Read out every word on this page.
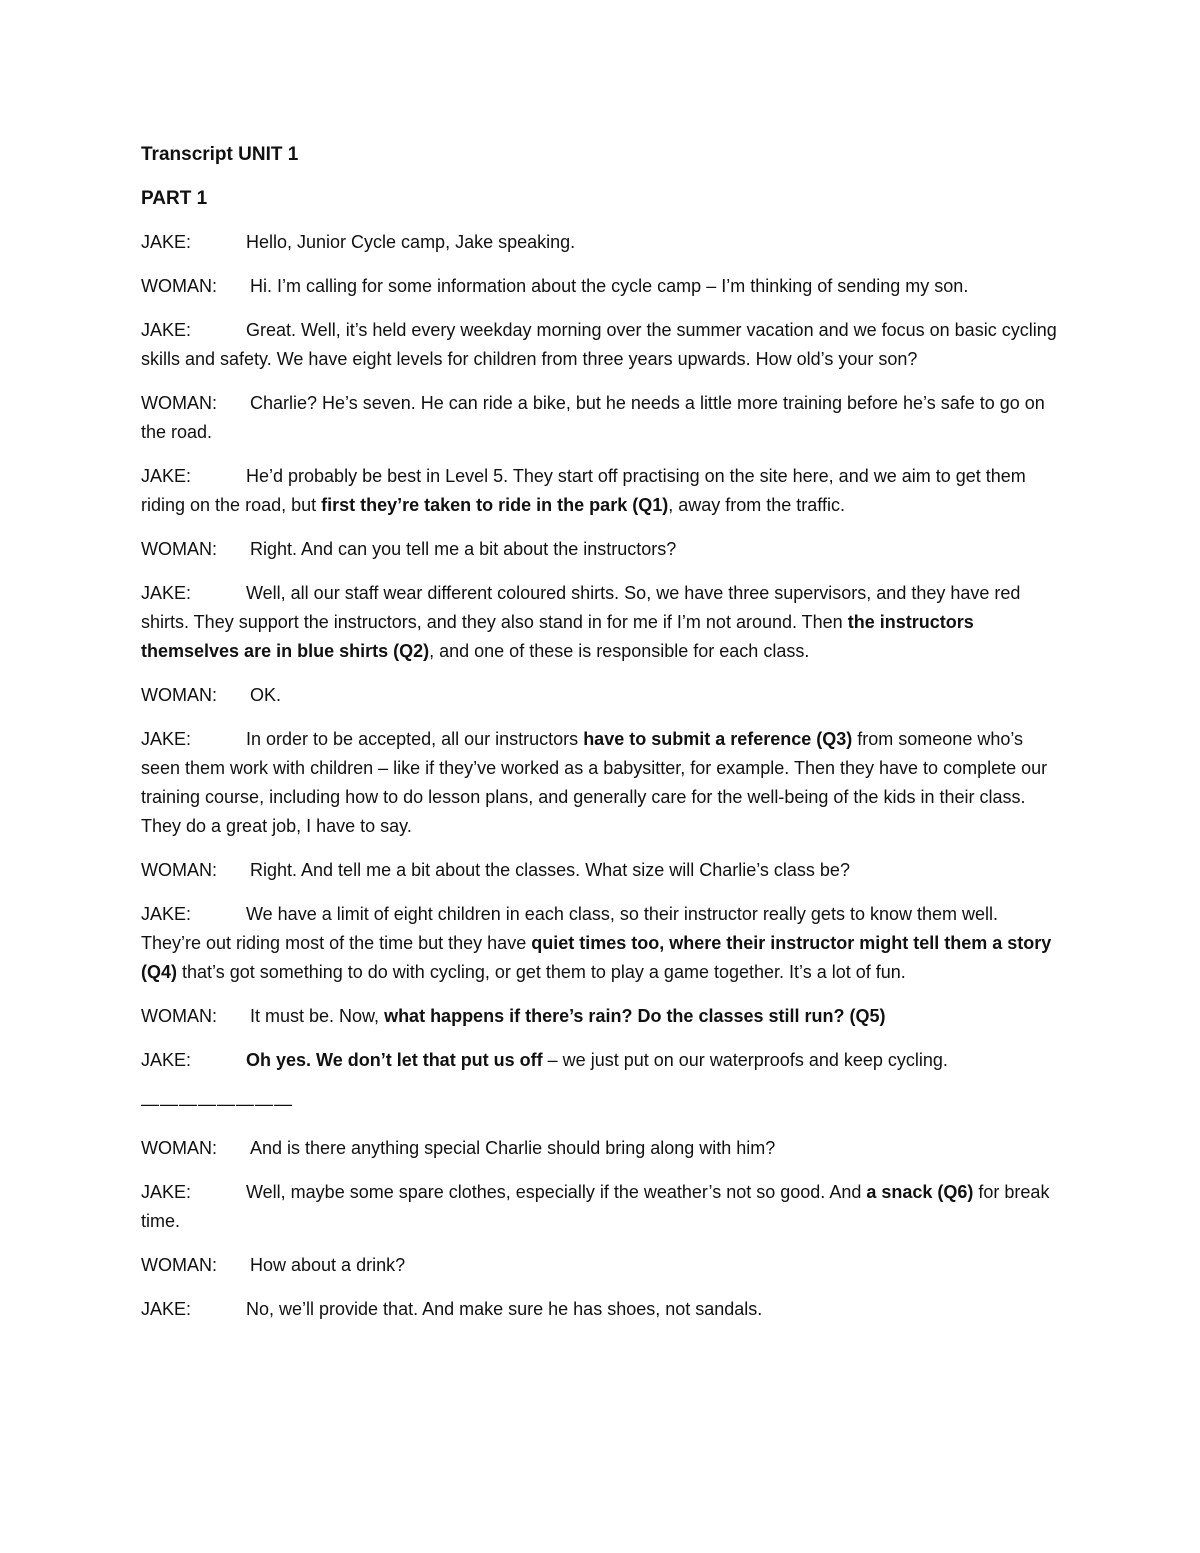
Transcript UNIT 1
PART 1
JAKE:	Hello, Junior Cycle camp, Jake speaking.
WOMAN: Hi. I’m calling for some information about the cycle camp – I’m thinking of sending my son.
JAKE:	Great. Well, it’s held every weekday morning over the summer vacation and we focus on basic cycling skills and safety. We have eight levels for children from three years upwards. How old’s your son?
WOMAN: Charlie? He’s seven. He can ride a bike, but he needs a little more training before he’s safe to go on the road.
JAKE:	He’d probably be best in Level 5. They start off practising on the site here, and we aim to get them riding on the road, but first they’re taken to ride in the park (Q1), away from the traffic.
WOMAN: Right. And can you tell me a bit about the instructors?
JAKE:	Well, all our staff wear different coloured shirts. So, we have three supervisors, and they have red shirts. They support the instructors, and they also stand in for me if I’m not around. Then the instructors themselves are in blue shirts (Q2), and one of these is responsible for each class.
WOMAN: OK.
JAKE:	In order to be accepted, all our instructors have to submit a reference (Q3) from someone who’s seen them work with children – like if they’ve worked as a babysitter, for example. Then they have to complete our training course, including how to do lesson plans, and generally care for the well-being of the kids in their class. They do a great job, I have to say.
WOMAN: Right. And tell me a bit about the classes. What size will Charlie’s class be?
JAKE:	We have a limit of eight children in each class, so their instructor really gets to know them well. They’re out riding most of the time but they have quiet times too, where their instructor might tell them a story (Q4) that’s got something to do with cycling, or get them to play a game together. It’s a lot of fun.
WOMAN: It must be. Now, what happens if there’s rain? Do the classes still run? (Q5)
JAKE:	Oh yes. We don’t let that put us off – we just put on our waterproofs and keep cycling.
————————
WOMAN: And is there anything special Charlie should bring along with him?
JAKE:	Well, maybe some spare clothes, especially if the weather’s not so good. And a snack (Q6) for break time.
WOMAN: How about a drink?
JAKE:	No, we’ll provide that. And make sure he has shoes, not sandals.
